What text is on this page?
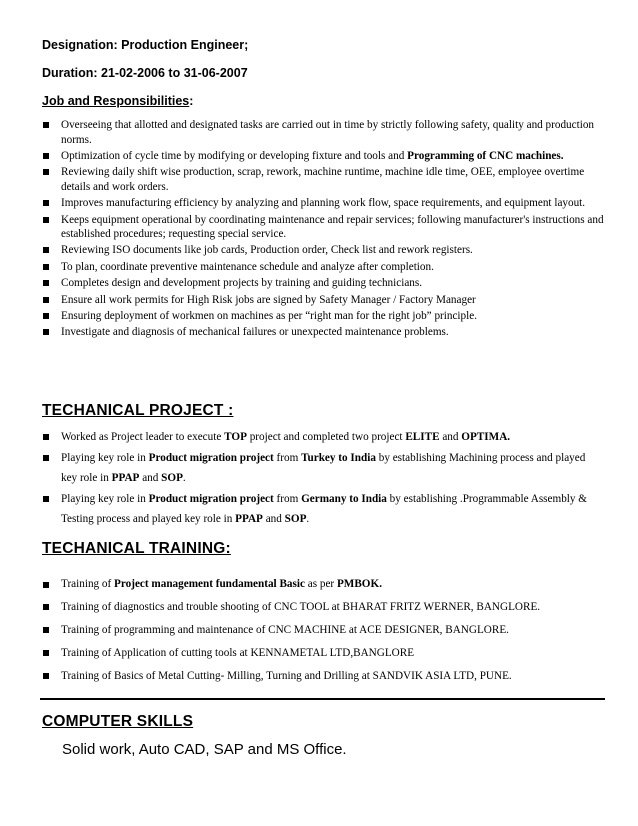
Designation: Production Engineer;
Duration: 21-02-2006 to 31-06-2007
Job and Responsibilities:
Overseeing that allotted and designated tasks are carried out in time by strictly following safety, quality and production norms.
Optimization of cycle time by modifying or developing fixture and tools and Programming of CNC machines.
Reviewing daily shift wise production, scrap, rework, machine runtime, machine idle time, OEE, employee overtime details and work orders.
Improves manufacturing efficiency by analyzing and planning work flow, space requirements, and equipment layout.
Keeps equipment operational by coordinating maintenance and repair services; following manufacturer's instructions and established procedures; requesting special service.
Reviewing ISO documents like job cards, Production order, Check list and rework registers.
To plan, coordinate preventive maintenance schedule and analyze after completion.
Completes design and development projects by training and guiding technicians.
Ensure all work permits for High Risk jobs are signed by Safety Manager / Factory Manager
Ensuring deployment of workmen on machines as per “right man for the right job” principle.
Investigate and diagnosis of mechanical failures or unexpected maintenance problems.
TECHANICAL PROJECT :
Worked as Project leader to execute TOP project and completed two project ELITE and OPTIMA.
Playing key role in Product migration project from Turkey to India by establishing Machining process and played key role in PPAP and SOP.
Playing key role in Product migration project from Germany to India by establishing .Programmable Assembly & Testing process and played key role in PPAP and SOP.
TECHANICAL TRAINING:
Training of Project management fundamental Basic as per PMBOK.
Training of diagnostics and trouble shooting of CNC TOOL at BHARAT FRITZ WERNER, BANGLORE.
Training of programming and maintenance of CNC MACHINE at ACE DESIGNER, BANGLORE.
Training of Application of cutting tools at KENNAMETAL LTD,BANGLORE
Training of Basics of Metal Cutting- Milling, Turning and Drilling at SANDVIK ASIA LTD, PUNE.
COMPUTER SKILLS
Solid work, Auto CAD, SAP and MS Office.
